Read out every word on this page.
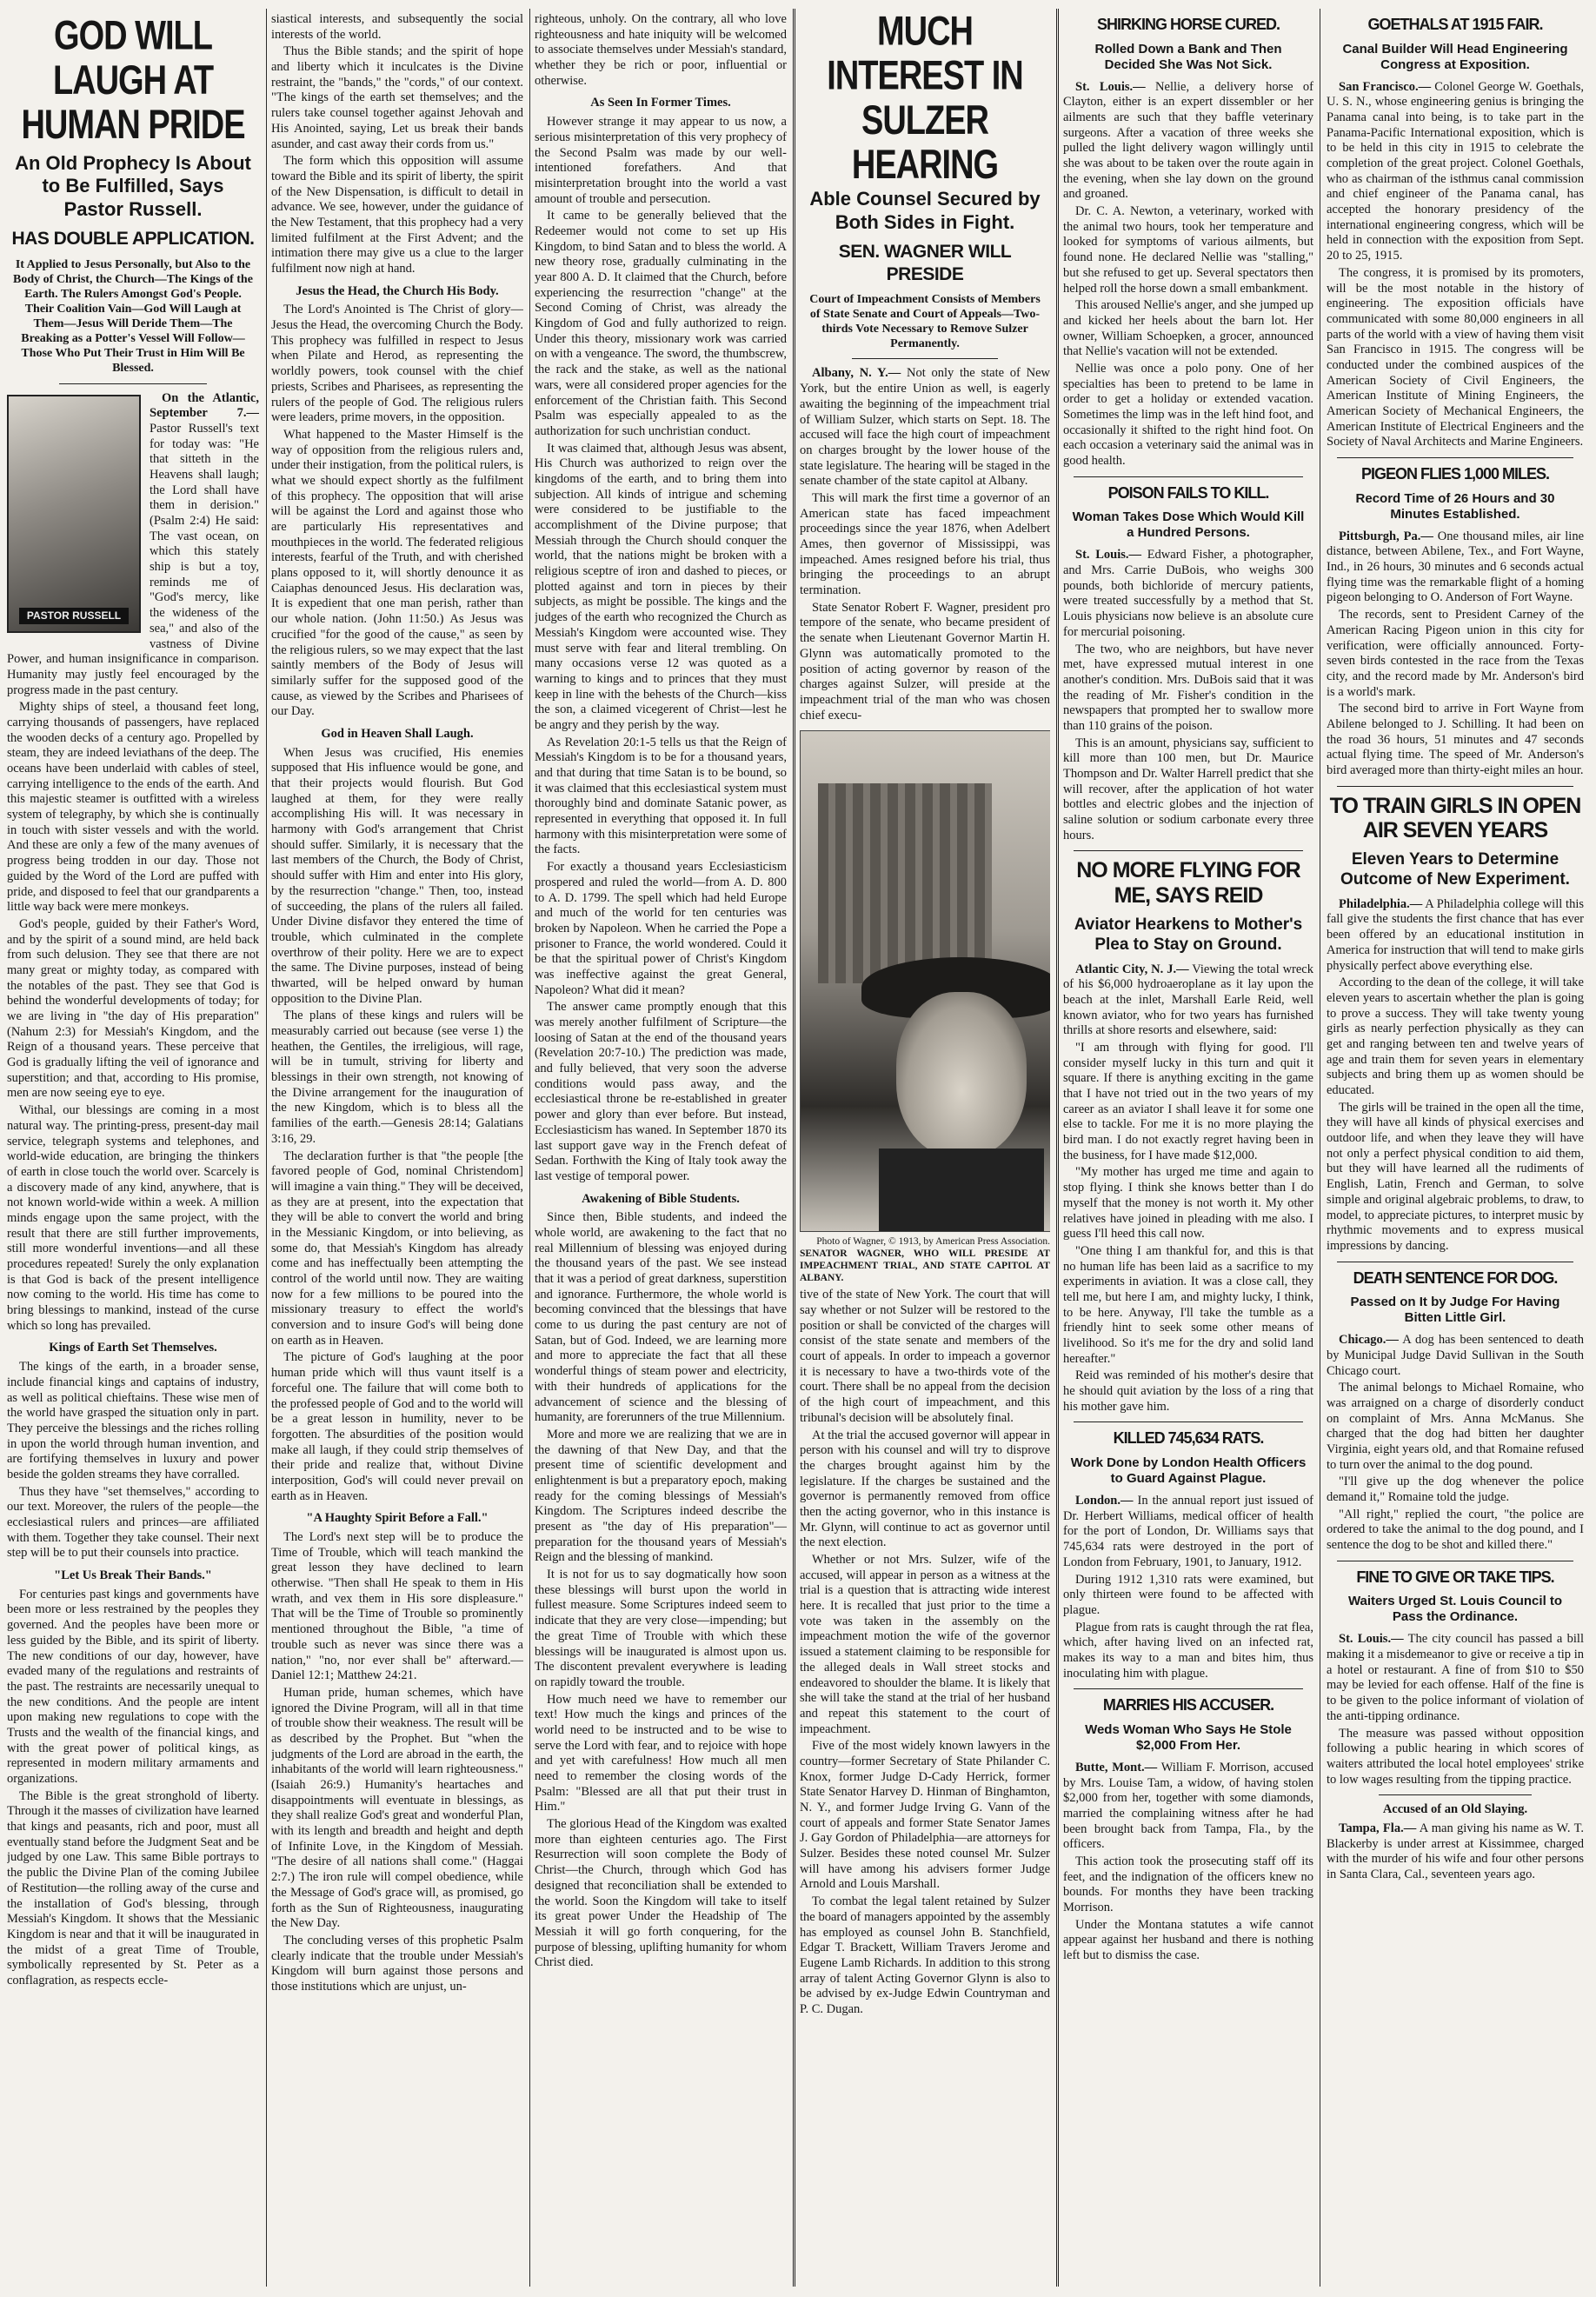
GOD WILL LAUGH AT HUMAN PRIDE
An Old Prophecy Is About to Be Fulfilled, Says Pastor Russell.
HAS DOUBLE APPLICATION.
It Applied to Jesus Personally, but Also to the Body of Christ, the Church—The Kings of the Earth. The Rulers Amongst God's People. Their Coalition Vain—God Will Laugh at Them—Jesus Will Deride Them—The Breaking as a Potter's Vessel Will Follow—Those Who Put Their Trust in Him Will Be Blessed.
PASTOR RUSSELL

On the Atlantic, September 7.— Pastor Russell's text for today was: "He that sitteth in the Heavens shall laugh; the Lord shall have them in derision." (Psalm 2:4) He said: The vast ocean, on which this stately ship is but a toy, reminds me of "God's mercy, like the wideness of the sea," and also of the vastness of Divine Power, and human insignificance in comparison. Humanity may justly feel encouraged by the progress made in the past century.

Mighty ships of steel, a thousand feet long, carrying thousands of passengers, have replaced the wooden decks of a century ago. Propelled by steam, they are indeed leviathans of the deep. The oceans have been underlaid with cables of steel, carrying intelligence to the ends of the earth. And this majestic steamer is outfitted with a wireless system of telegraphy, by which she is continually in touch with sister vessels and with the world. And these are only a few of the many avenues of progress being trodden in our day. Those not guided by the Word of the Lord are puffed with pride, and disposed to feel that our grandparents a little way back were mere monkeys.

God's people, guided by their Father's Word, and by the spirit of a sound mind, are held back from such delusion. They see that there are not many great or mighty today, as compared with the notables of the past. They see that God is behind the wonderful developments of today; for we are living in "the day of His preparation" (Nahum 2:3) for Messiah's Kingdom, and the Reign of a thousand years. These perceive that God is gradually lifting the veil of ignorance and superstition; and that, according to His promise, men are now seeing eye to eye.

Withal, our blessings are coming in a most natural way. The printing-press, present-day mail service, telegraph systems and telephones, and world-wide education, are bringing the thinkers of earth in close touch the world over. Scarcely is a discovery made of any kind, anywhere, that is not known world-wide within a week. A million minds engage upon the same project, with the result that there are still further improvements, still more wonderful inventions—and all these procedures repeated! Surely the only explanation is that God is back of the present intelligence now coming to the world. His time has come to bring blessings to mankind, instead of the curse which so long has prevailed.

Kings of Earth Set Themselves.

The kings of the earth, in a broader sense, include financial kings and captains of industry, as well as political chieftains. These wise men of the world have grasped the situation only in part. They perceive the blessings and the riches rolling in upon the world through human invention, and are fortifying themselves in luxury and power beside the golden streams they have corralled.

Thus they have "set themselves," according to our text. Moreover, the rulers of the people—the ecclesiastical rulers and princes—are affiliated with them. Together they take counsel. Their next step will be to put their counsels into practice.

"Let Us Break Their Bands."

For centuries past kings and governments have been more or less restrained by the peoples they governed. And the peoples have been more or less guided by the Bible, and its spirit of liberty. The new conditions of our day, however, have evaded many of the regulations and restraints of the past. The restraints are necessarily unequal to the new conditions. And the people are intent upon making new regulations to cope with the Trusts and the wealth of the financial kings, and with the great power of political kings, as represented in modern military armaments and organizations.

The Bible is the great stronghold of liberty. Through it the masses of civilization have learned that kings and peasants, rich and poor, must all eventually stand before the Judgment Seat and be judged by one Law. This same Bible portrays to the public the Divine Plan of the coming Jubilee of Restitution—the rolling away of the curse and the installation of God's blessing, through Messiah's Kingdom. It shows that the Messianic Kingdom is near and that it will be inaugurated in the midst of a great Time of Trouble, symbolically represented by St. Peter as a conflagration, as respects eccle-

siastical interests, and subsequently the social interests of the world.

Thus the Bible stands; and the spirit of hope and liberty which it inculcates is the Divine restraint, the "bands," the "cords," of our context. "The kings of the earth set themselves; and the rulers take counsel together against Jehovah and His Anointed, saying, Let us break their bands asunder, and cast away their cords from us."

The form which this opposition will assume toward the Bible and its spirit of liberty, the spirit of the New Dispensation, is difficult to detail in advance. We see, however, under the guidance of the New Testament, that this prophecy had a very limited fulfilment at the First Advent; and the intimation there may give us a clue to the larger fulfilment now nigh at hand.

Jesus the Head, the Church His Body.

The Lord's Anointed is The Christ of glory—Jesus the Head, the overcoming Church the Body. This prophecy was fulfilled in respect to Jesus when Pilate and Herod, as representing the worldly powers, took counsel with the chief priests, Scribes and Pharisees, as representing the rulers of the people of God. The religious rulers were leaders, prime movers, in the opposition.

What happened to the Master Himself is the way of opposition from the religious rulers and, under their instigation, from the political rulers, is what we should expect shortly as the fulfilment of this prophecy. The opposition that will arise will be against the Lord and against those who are particularly His representatives and mouthpieces in the world. The federated religious interests, fearful of the Truth, and with cherished plans opposed to it, will shortly denounce it as Caiaphas denounced Jesus. His declaration was, It is expedient that one man perish, rather than our whole nation. (John 11:50.) As Jesus was crucified "for the good of the cause," as seen by the religious rulers, so we may expect that the last saintly members of the Body of Jesus will similarly suffer for the supposed good of the cause, as viewed by the Scribes and Pharisees of our Day.

God in Heaven Shall Laugh.

When Jesus was crucified, His enemies supposed that His influence would be gone, and that their projects would flourish. But God laughed at them, for they were really accomplishing His will. It was necessary in harmony with God's arrangement that Christ should suffer. Similarly, it is necessary that the last members of the Church, the Body of Christ, should suffer with Him and enter into His glory, by the resurrection "change." Then, too, instead of succeeding, the plans of the rulers all failed. Under Divine disfavor they entered the time of trouble, which culminated in the complete overthrow of their polity. Here we are to expect the same. The Divine purposes, instead of being thwarted, will be helped onward by human opposition to the Divine Plan.

The plans of these kings and rulers will be measurably carried out because (see verse 1) the heathen, the Gentiles, the irreligious, will rage, will be in tumult, striving for liberty and blessings in their own strength, not knowing of the Divine arrangement for the inauguration of the new Kingdom, which is to bless all the families of the earth.—Genesis 28:14; Galatians 3:16, 29.

The declaration further is that "the people [the favored people of God, nominal Christendom] will imagine a vain thing." They will be deceived, as they are at present, into the expectation that they will be able to convert the world and bring in the Messianic Kingdom, or into believing, as some do, that Messiah's Kingdom has already come and has ineffectually been attempting the control of the world until now. They are waiting now for a few millions to be poured into the missionary treasury to effect the world's conversion and to insure God's will being done on earth as in Heaven.

The picture of God's laughing at the poor human pride which will thus vaunt itself is a forceful one. The failure that will come both to the professed people of God and to the world will be a great lesson in humility, never to be forgotten. The absurdities of the position would make all laugh, if they could strip themselves of their pride and realize that, without Divine interposition, God's will could never prevail on earth as in Heaven.

"A Haughty Spirit Before a Fall."

The Lord's next step will be to produce the Time of Trouble, which will teach mankind the great lesson they have declined to learn otherwise. "Then shall He speak to them in His wrath, and vex them in His sore displeasure." That will be the Time of Trouble so prominently mentioned throughout the Bible, "a time of trouble such as never was since there was a nation," "no, nor ever shall be" afterward.—Daniel 12:1; Matthew 24:21.

Human pride, human schemes, which have ignored the Divine Program, will all in that time of trouble show their weakness. The result will be as described by the Prophet. But "when the judgments of the Lord are abroad in the earth, the inhabitants of the world will learn righteousness." (Isaiah 26:9.) Humanity's heartaches and disappointments will eventuate in blessings, as they shall realize God's great and wonderful Plan, with its length and breadth and height and depth of Infinite Love, in the Kingdom of Messiah. "The desire of all nations shall come." (Haggai 2:7.) The iron rule will compel obedience, while the Message of God's grace will, as promised, go forth as the Sun of Righteousness, inaugurating the New Day.

The concluding verses of this prophetic Psalm clearly indicate that the trouble under Messiah's Kingdom will burn against those persons and those institutions which are unjust, un-

righteous, unholy. On the contrary, all who love righteousness and hate iniquity will be welcomed to associate themselves under Messiah's standard, whether they be rich or poor, influential or otherwise.

As Seen In Former Times.

However strange it may appear to us now, a serious misinterpretation of this very prophecy of the Second Psalm was made by our well-intentioned forefathers. And that misinterpretation brought into the world a vast amount of trouble and persecution.

It came to be generally believed that the Redeemer would not come to set up His Kingdom, to bind Satan and to bless the world. A new theory rose, gradually culminating in the year 800 A. D. It claimed that the Church, before experiencing the resurrection "change" at the Second Coming of Christ, was already the Kingdom of God and fully authorized to reign. Under this theory, missionary work was carried on with a vengeance. The sword, the thumbscrew, the rack and the stake, as well as the national wars, were all considered proper agencies for the enforcement of the Christian faith. This Second Psalm was especially appealed to as the authorization for such unchristian conduct.

It was claimed that, although Jesus was absent, His Church was authorized to reign over the kingdoms of the earth, and to bring them into subjection. All kinds of intrigue and scheming were considered to be justifiable to the accomplishment of the Divine purpose; that Messiah through the Church should conquer the world, that the nations might be broken with a religious sceptre of iron and dashed to pieces, or plotted against and torn in pieces by their subjects, as might be possible. The kings and the judges of the earth who recognized the Church as Messiah's Kingdom were accounted wise. They must serve with fear and literal trembling. On many occasions verse 12 was quoted as a warning to kings and to princes that they must keep in line with the behests of the Church—kiss the son, a claimed vicegerent of Christ—lest he be angry and they perish by the way.

As Revelation 20:1-5 tells us that the Reign of Messiah's Kingdom is to be for a thousand years, and that during that time Satan is to be bound, so it was claimed that this ecclesiastical system must thoroughly bind and dominate Satanic power, as represented in everything that opposed it. In full harmony with this misinterpretation were some of the facts.

For exactly a thousand years Ecclesiasticism prospered and ruled the world—from A. D. 800 to A. D. 1799. The spell which had held Europe and much of the world for ten centuries was broken by Napoleon. When he carried the Pope a prisoner to France, the world wondered. Could it be that the spiritual power of Christ's Kingdom was ineffective against the great General, Napoleon? What did it mean?

The answer came promptly enough that this was merely another fulfilment of Scripture—the loosing of Satan at the end of the thousand years (Revelation 20:7-10.) The prediction was made, and fully believed, that very soon the adverse conditions would pass away, and the ecclesiastical throne be re-established in greater power and glory than ever before. But instead, Ecclesiasticism has waned. In September 1870 its last support gave way in the French defeat of Sedan. Forthwith the King of Italy took away the last vestige of temporal power.

Awakening of Bible Students.

Since then, Bible students, and indeed the whole world, are awakening to the fact that no real Millennium of blessing was enjoyed during the thousand years of the past. We see instead that it was a period of great darkness, superstition and ignorance. Furthermore, the whole world is becoming convinced that the blessings that have come to us during the past century are not of Satan, but of God. Indeed, we are learning more and more to appreciate the fact that all these wonderful things of steam power and electricity, with their hundreds of applications for the advancement of science and the blessing of humanity, are forerunners of the true Millennium.

More and more we are realizing that we are in the dawning of that New Day, and that the present time of scientific development and enlightenment is but a preparatory epoch, making ready for the coming blessings of Messiah's Kingdom. The Scriptures indeed describe the present as "the day of His preparation"—preparation for the thousand years of Messiah's Reign and the blessing of mankind.

It is not for us to say dogmatically how soon these blessings will burst upon the world in fullest measure. Some Scriptures indeed seem to indicate that they are very close—impending; but the great Time of Trouble with which these blessings will be inaugurated is almost upon us. The discontent prevalent everywhere is leading on rapidly toward the trouble.

How much need we have to remember our text! How much the kings and princes of the world need to be instructed and to be wise to serve the Lord with fear, and to rejoice with hope and yet with carefulness! How much all men need to remember the closing words of the Psalm: "Blessed are all that put their trust in Him."

The glorious Head of the Kingdom was exalted more than eighteen centuries ago. The First Resurrection will soon complete the Body of Christ—the Church, through which God has designed that reconciliation shall be extended to the world. Soon the Kingdom will take to itself its great power Under the Headship of The Messiah it will go forth conquering, for the purpose of blessing, uplifting humanity for whom Christ died.

MUCH INTEREST IN SULZER HEARING
Able Counsel Secured by Both Sides in Fight.
SEN. WAGNER WILL PRESIDE
Court of Impeachment Consists of Members of State Senate and Court of Appeals—Two-thirds Vote Necessary to Remove Sulzer Permanently.

Albany, N. Y.— Not only the state of New York, but the entire Union as well, is eagerly awaiting the beginning of the impeachment trial of William Sulzer, which starts on Sept. 18. The accused will face the high court of impeachment on charges brought by the lower house of the state legislature. The hearing will be staged in the senate chamber of the state capitol at Albany.

This will mark the first time a governor of an American state has faced impeachment proceedings since the year 1876, when Adelbert Ames, then governor of Mississippi, was impeached. Ames resigned before his trial, thus bringing the proceedings to an abrupt termination.

State Senator Robert F. Wagner, president pro tempore of the senate, who became president of the senate when Lieutenant Governor Martin H. Glynn was automatically promoted to the position of acting governor by reason of the charges against Sulzer, will preside at the impeachment trial of the man who was chosen chief execu-

Photo of Wagner, © 1913, by American Press Association.
SENATOR WAGNER, WHO WILL PRESIDE AT IMPEACHMENT TRIAL, AND STATE CAPITOL AT ALBANY.

tive of the state of New York. The court that will say whether or not Sulzer will be restored to the position or shall be convicted of the charges will consist of the state senate and members of the court of appeals. In order to impeach a governor it is necessary to have a two-thirds vote of the court. There shall be no appeal from the decision of the high court of impeachment, and this tribunal's decision will be absolutely final.

At the trial the accused governor will appear in person with his counsel and will try to disprove the charges brought against him by the legislature. If the charges be sustained and the governor is permanently removed from office then the acting governor, who in this instance is Mr. Glynn, will continue to act as governor until the next election.

Whether or not Mrs. Sulzer, wife of the accused, will appear in person as a witness at the trial is a question that is attracting wide interest here. It is recalled that just prior to the time a vote was taken in the assembly on the impeachment motion the wife of the governor issued a statement claiming to be responsible for the alleged deals in Wall street stocks and endeavored to shoulder the blame. It is likely that she will take the stand at the trial of her husband and repeat this statement to the court of impeachment.

Five of the most widely known lawyers in the country—former Secretary of State Philander C. Knox, former Judge D-Cady Herrick, former State Senator Harvey D. Hinman of Binghamton, N. Y., and former Judge Irving G. Vann of the court of appeals and former State Senator James J. Gay Gordon of Philadelphia—are attorneys for Sulzer. Besides these noted counsel Mr. Sulzer will have among his advisers former Judge Arnold and Louis Marshall.

To combat the legal talent retained by Sulzer the board of managers appointed by the assembly has employed as counsel John B. Stanchfield, Edgar T. Brackett, William Travers Jerome and Eugene Lamb Richards. In addition to this strong array of talent Acting Governor Glynn is also to be advised by ex-Judge Edwin Countryman and P. C. Dugan.

SHIRKING HORSE CURED.
Rolled Down a Bank and Then Decided She Was Not Sick.

St. Louis.— Nellie, a delivery horse of Clayton, either is an expert dissembler or her ailments are such that they baffle veterinary surgeons. After a vacation of three weeks she pulled the light delivery wagon willingly until she was about to be taken over the route again in the evening, when she lay down on the ground and groaned.

Dr. C. A. Newton, a veterinary, worked with the animal two hours, took her temperature and looked for symptoms of various ailments, but found none. He declared Nellie was "stalling," but she refused to get up. Several spectators then helped roll the horse down a small embankment.

This aroused Nellie's anger, and she jumped up and kicked her heels about the barn lot. Her owner, William Schoepken, a grocer, announced that Nellie's vacation will not be extended.

Nellie was once a polo pony. One of her specialties has been to pretend to be lame in order to get a holiday or extended vacation. Sometimes the limp was in the left hind foot, and occasionally it shifted to the right hind foot. On each occasion a veterinary said the animal was in good health.

POISON FAILS TO KILL.
Woman Takes Dose Which Would Kill a Hundred Persons.

St. Louis.— Edward Fisher, a photographer, and Mrs. Carrie DuBois, who weighs 300 pounds, both bichloride of mercury patients, were treated successfully by a method that St. Louis physicians now believe is an absolute cure for mercurial poisoning.

The two, who are neighbors, but have never met, have expressed mutual interest in one another's condition. Mrs. DuBois said that it was the reading of Mr. Fisher's condition in the newspapers that prompted her to swallow more than 110 grains of the poison.

This is an amount, physicians say, sufficient to kill more than 100 men, but Dr. Maurice Thompson and Dr. Walter Harrell predict that she will recover, after the application of hot water bottles and electric globes and the injection of saline solution or sodium carbonate every three hours.

NO MORE FLYING FOR ME, SAYS REID
Aviator Hearkens to Mother's Plea to Stay on Ground.

Atlantic City, N. J.— Viewing the total wreck of his $6,000 hydroaeroplane as it lay upon the beach at the inlet, Marshall Earle Reid, well known aviator, who for two years has furnished thrills at shore resorts and elsewhere, said:

"I am through with flying for good. I'll consider myself lucky in this turn and quit it square. If there is anything exciting in the game that I have not tried out in the two years of my career as an aviator I shall leave it for some one else to tackle. For me it is no more playing the bird man. I do not exactly regret having been in the business, for I have made $12,000.

"My mother has urged me time and again to stop flying. I think she knows better than I do myself that the money is not worth it. My other relatives have joined in pleading with me also. I guess I'll heed this call now.

"One thing I am thankful for, and this is that no human life has been laid as a sacrifice to my experiments in aviation. It was a close call, they tell me, but here I am, and mighty lucky, I think, to be here. Anyway, I'll take the tumble as a friendly hint to seek some other means of livelihood. So it's me for the dry and solid land hereafter."

Reid was reminded of his mother's desire that he should quit aviation by the loss of a ring that his mother gave him.

KILLED 745,634 RATS.
Work Done by London Health Officers to Guard Against Plague.

London.— In the annual report just issued of Dr. Herbert Williams, medical officer of health for the port of London, Dr. Williams says that 745,634 rats were destroyed in the port of London from February, 1901, to January, 1912.

During 1912 1,310 rats were examined, but only thirteen were found to be affected with plague.

Plague from rats is caught through the rat flea, which, after having lived on an infected rat, makes its way to a man and bites him, thus inoculating him with plague.

MARRIES HIS ACCUSER.
Weds Woman Who Says He Stole $2,000 From Her.

Butte, Mont.— William F. Morrison, accused by Mrs. Louise Tam, a widow, of having stolen $2,000 from her, together with some diamonds, married the complaining witness after he had been brought back from Tampa, Fla., by the officers.

This action took the prosecuting staff off its feet, and the indignation of the officers knew no bounds. For months they have been tracking Morrison.

Under the Montana statutes a wife cannot appear against her husband and there is nothing left but to dismiss the case.

GOETHALS AT 1915 FAIR.
Canal Builder Will Head Engineering Congress at Exposition.

San Francisco.— Colonel George W. Goethals, U. S. N., whose engineering genius is bringing the Panama canal into being, is to take part in the Panama-Pacific International exposition, which is to be held in this city in 1915 to celebrate the completion of the great project. Colonel Goethals, who as chairman of the isthmus canal commission and chief engineer of the Panama canal, has accepted the honorary presidency of the international engineering congress, which will be held in connection with the exposition from Sept. 20 to 25, 1915.

The congress, it is promised by its promoters, will be the most notable in the history of engineering. The exposition officials have communicated with some 80,000 engineers in all parts of the world with a view of having them visit San Francisco in 1915. The congress will be conducted under the combined auspices of the American Society of Civil Engineers, the American Institute of Mining Engineers, the American Society of Mechanical Engineers, the American Institute of Electrical Engineers and the Society of Naval Architects and Marine Engineers.

PIGEON FLIES 1,000 MILES.
Record Time of 26 Hours and 30 Minutes Established.

Pittsburgh, Pa.— One thousand miles, air line distance, between Abilene, Tex., and Fort Wayne, Ind., in 26 hours, 30 minutes and 6 seconds actual flying time was the remarkable flight of a homing pigeon belonging to O. Anderson of Fort Wayne.

The records, sent to President Carney of the American Racing Pigeon union in this city for verification, were officially announced. Forty-seven birds contested in the race from the Texas city, and the record made by Mr. Anderson's bird is a world's mark.

The second bird to arrive in Fort Wayne from Abilene belonged to J. Schilling. It had been on the road 36 hours, 51 minutes and 47 seconds actual flying time. The speed of Mr. Anderson's bird averaged more than thirty-eight miles an hour.

TO TRAIN GIRLS IN OPEN AIR SEVEN YEARS
Eleven Years to Determine Outcome of New Experiment.

Philadelphia.— A Philadelphia college will this fall give the students the first chance that has ever been offered by an educational institution in America for instruction that will tend to make girls physically perfect above everything else.

According to the dean of the college, it will take eleven years to ascertain whether the plan is going to prove a success. They will take twenty young girls as nearly perfection physically as they can get and ranging between ten and twelve years of age and train them for seven years in elementary subjects and bring them up as women should be educated.

The girls will be trained in the open all the time, they will have all kinds of physical exercises and outdoor life, and when they leave they will have not only a perfect physical condition to aid them, but they will have learned all the rudiments of English, Latin, French and German, to solve simple and original algebraic problems, to draw, to model, to appreciate pictures, to interpret music by rhythmic movements and to express musical impressions by dancing.

DEATH SENTENCE FOR DOG.
Passed on It by Judge For Having Bitten Little Girl.

Chicago.— A dog has been sentenced to death by Municipal Judge David Sullivan in the South Chicago court.

The animal belongs to Michael Romaine, who was arraigned on a charge of disorderly conduct on complaint of Mrs. Anna McManus. She charged that the dog had bitten her daughter Virginia, eight years old, and that Romaine refused to turn over the animal to the dog pound.

"I'll give up the dog whenever the police demand it," Romaine told the judge.

"All right," replied the court, "the police are ordered to take the animal to the dog pound, and I sentence the dog to be shot and killed there."

FINE TO GIVE OR TAKE TIPS.
Waiters Urged St. Louis Council to Pass the Ordinance.

St. Louis.— The city council has passed a bill making it a misdemeanor to give or receive a tip in a hotel or restaurant. A fine of from $10 to $50 may be levied for each offense. Half of the fine is to be given to the police informant of violation of the anti-tipping ordinance.

The measure was passed without opposition following a public hearing in which scores of waiters attributed the local hotel employees' strike to low wages resulting from the tipping practice.

Accused of an Old Slaying.

Tampa, Fla.— A man giving his name as W. T. Blackerby is under arrest at Kissimmee, charged with the murder of his wife and four other persons in Santa Clara, Cal., seventeen years ago.
